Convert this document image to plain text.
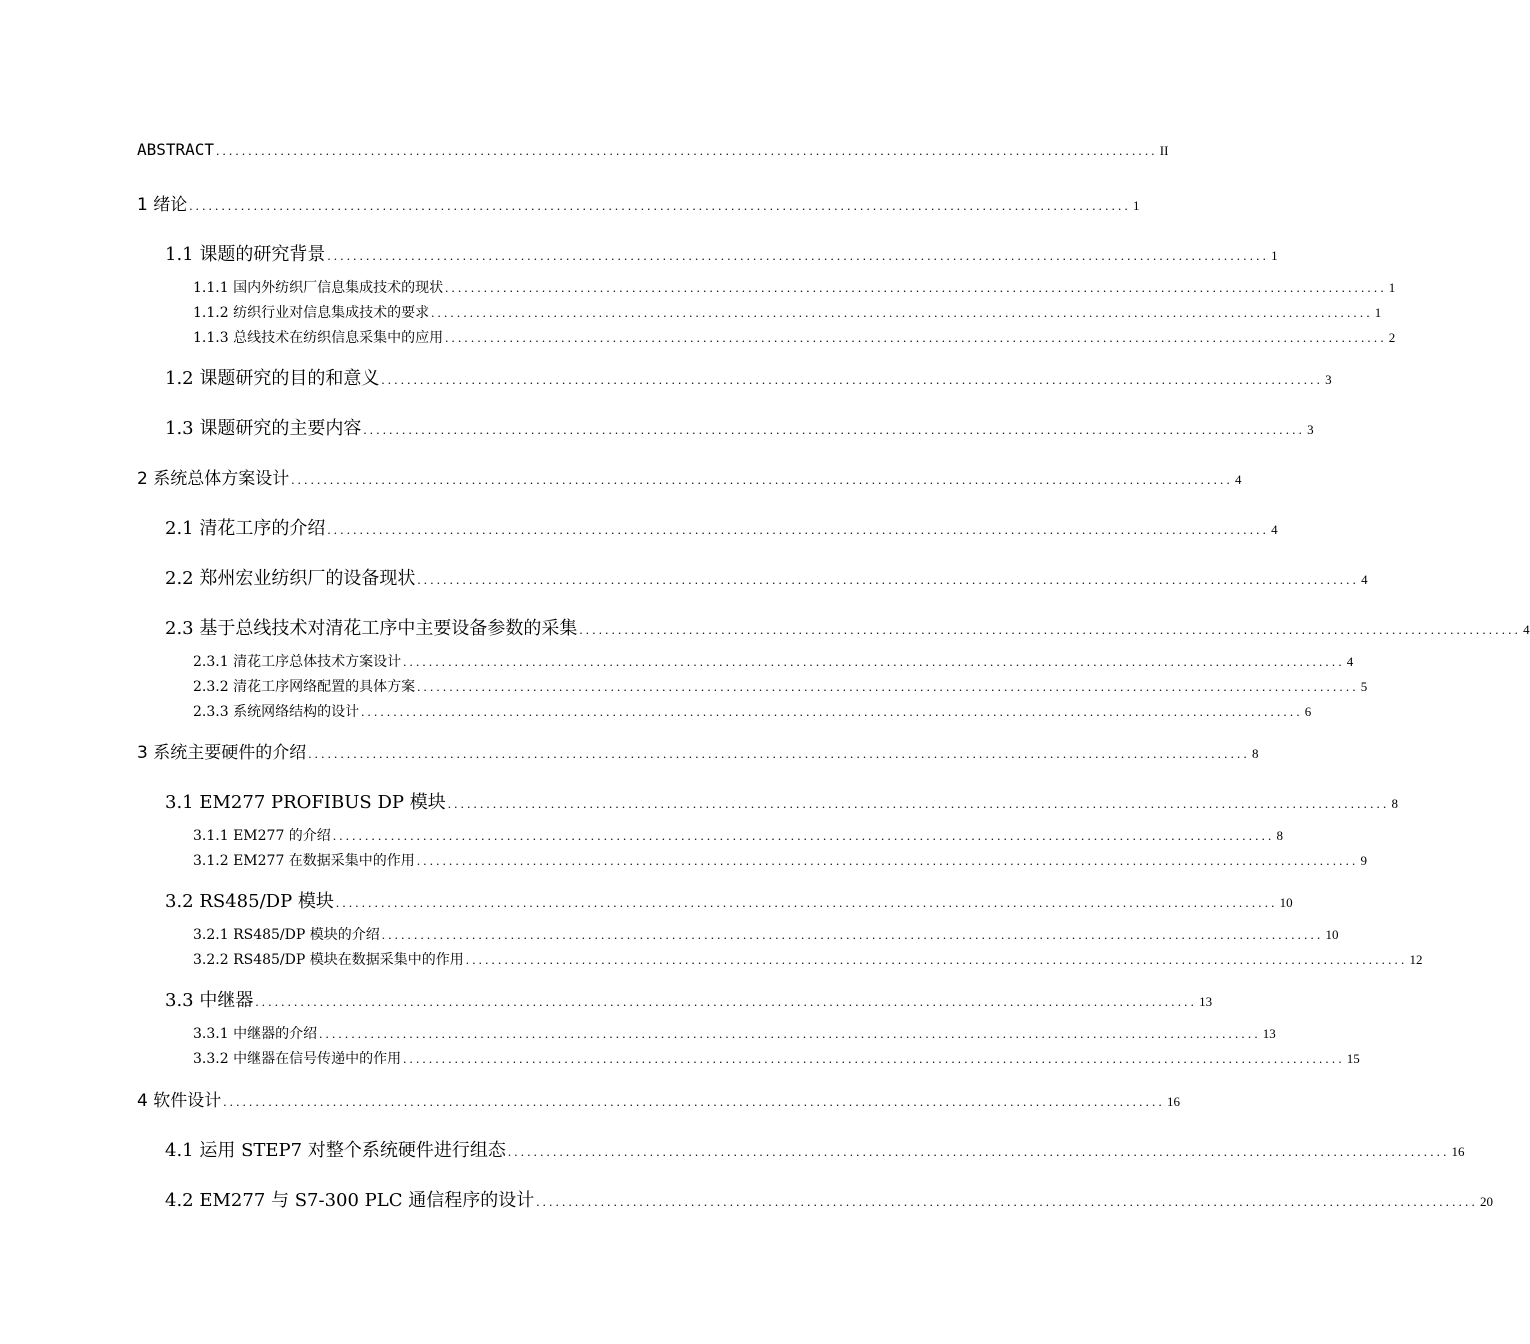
ABSTRACT .................................................................................................................................................. II
1 绪论 .................................................................................................................................................. 1
1.1 课题的研究背景 .................................................................................................................................................. 1
1.1.1 国内外纺织厂信息集成技术的现状 .................................................................................................................................................. 1
1.1.2 纺织行业对信息集成技术的要求 .................................................................................................................................................. 1
1.1.3 总线技术在纺织信息采集中的应用 .................................................................................................................................................. 2
1.2 课题研究的目的和意义 .................................................................................................................................................. 3
1.3 课题研究的主要内容 .................................................................................................................................................. 3
2 系统总体方案设计 .................................................................................................................................................. 4
2.1 清花工序的介绍 .................................................................................................................................................. 4
2.2 郑州宏业纺织厂的设备现状 .................................................................................................................................................. 4
2.3 基于总线技术对清花工序中主要设备参数的采集 .................................................................................................................................................. 4
2.3.1 清花工序总体技术方案设计 .................................................................................................................................................. 4
2.3.2 清花工序网络配置的具体方案 .................................................................................................................................................. 5
2.3.3 系统网络结构的设计 .................................................................................................................................................. 6
3 系统主要硬件的介绍 .................................................................................................................................................. 8
3.1 EM277 PROFIBUS DP 模块 .................................................................................................................................................. 8
3.1.1 EM277 的介绍 .................................................................................................................................................. 8
3.1.2 EM277 在数据采集中的作用 .................................................................................................................................................. 9
3.2 RS485/DP 模块 .................................................................................................................................................. 10
3.2.1 RS485/DP 模块的介绍 .................................................................................................................................................. 10
3.2.2 RS485/DP 模块在数据采集中的作用 .................................................................................................................................................. 12
3.3 中继器 .................................................................................................................................................. 13
3.3.1 中继器的介绍 .................................................................................................................................................. 13
3.3.2 中继器在信号传递中的作用 .................................................................................................................................................. 15
4 软件设计 .................................................................................................................................................. 16
4.1 运用 STEP7 对整个系统硬件进行组态 .................................................................................................................................................. 16
4.2 EM277 与 S7-300 PLC 通信程序的设计 .................................................................................................................................................. 20
